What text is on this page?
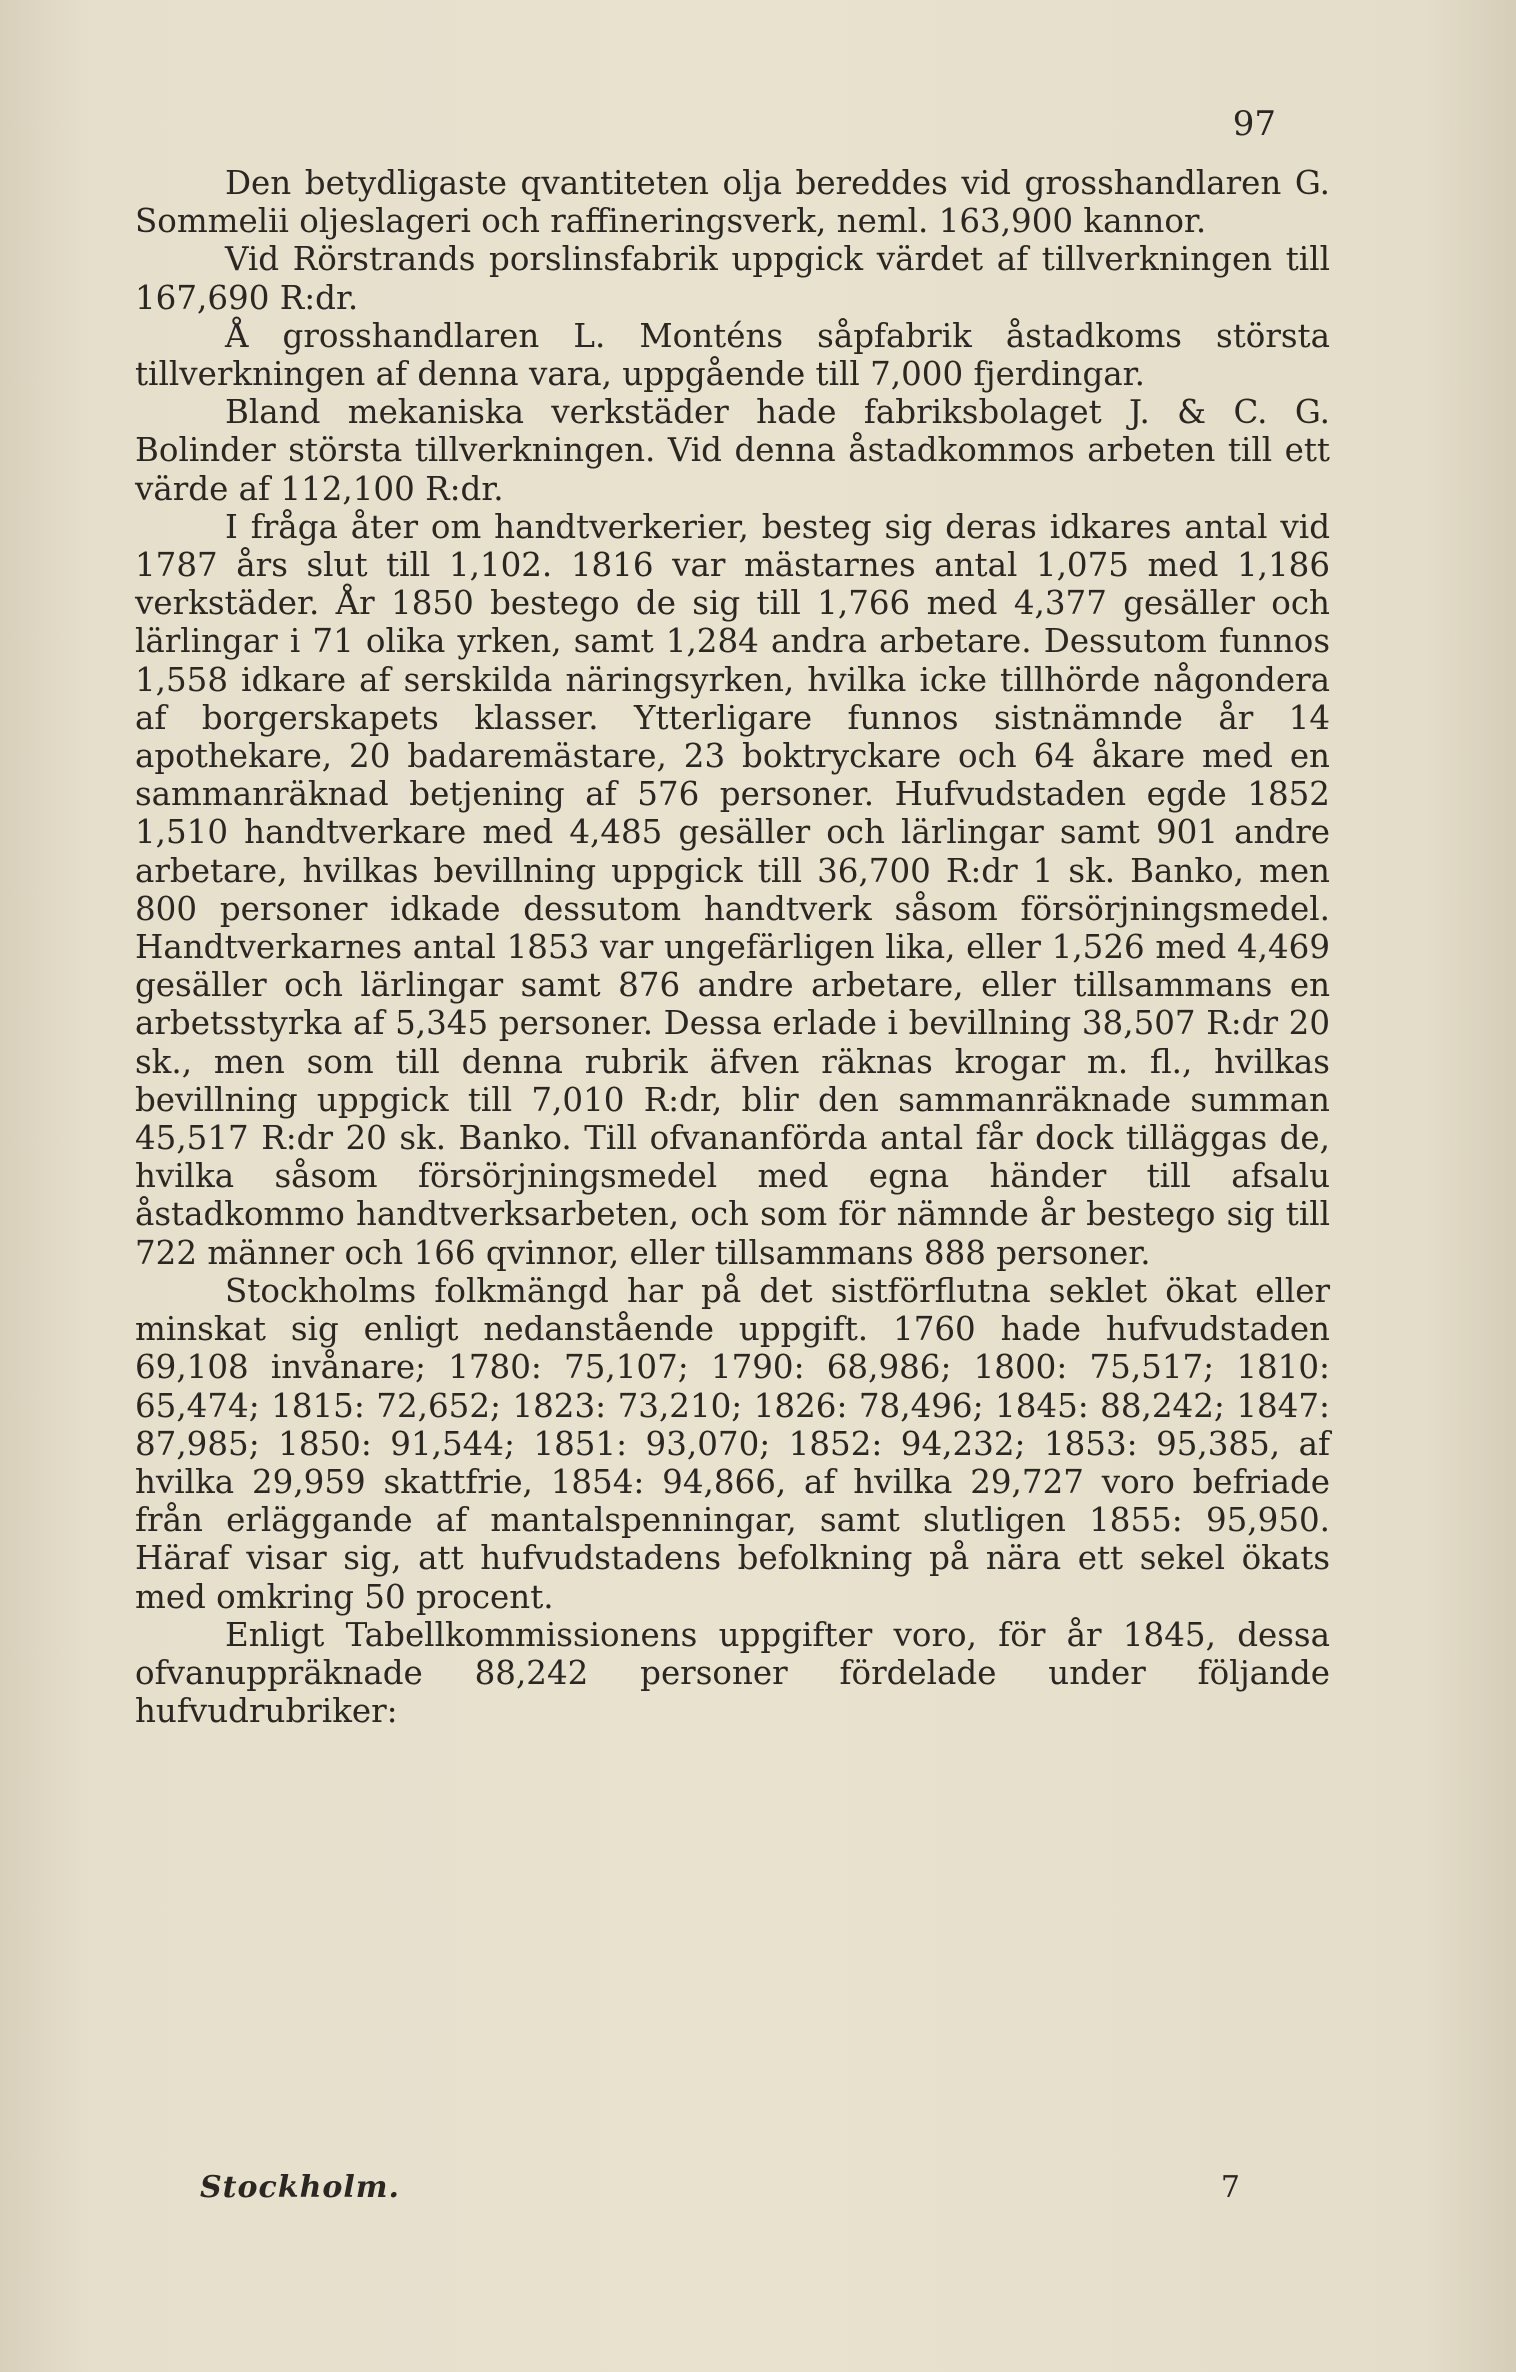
97

Den betydligaste qvantiteten olja bereddes vid grosshandlaren G. Sommelii oljeslageri och raffineringsverk, neml. 163,900 kannor.

Vid Rörstrands porslinsfabrik uppgick värdet af tillverkningen till 167,690 R:dr.

Å grosshandlaren L. Monténs såpfabrik åstadkoms största tillverkningen af denna vara, uppgående till 7,000 fjerdingar.

Bland mekaniska verkstäder hade fabriksbolaget J. & C. G. Bolinder största tillverkningen. Vid denna åstadkommos arbeten till ett värde af 112,100 R:dr.

I fråga åter om handtverkerier, besteg sig deras idkares antal vid 1787 års slut till 1,102. 1816 var mästarnes antal 1,075 med 1,186 verkstäder. År 1850 bestego de sig till 1,766 med 4,377 gesäller och lärlingar i 71 olika yrken, samt 1,284 andra arbetare. Dessutom funnos 1,558 idkare af serskilda näringsyrken, hvilka icke tillhörde någondera af borgerskapets klasser. Ytterligare funnos sistnämnde år 14 apothekare, 20 badaremästare, 23 boktryckare och 64 åkare med en sammanräknad betjening af 576 personer. Hufvudstaden egde 1852 1,510 handtverkare med 4,485 gesäller och lärlingar samt 901 andre arbetare, hvilkas bevillning uppgick till 36,700 R:dr 1 sk. Banko, men 800 personer idkade dessutom handtverk såsom försörjningsmedel. Handtverkarnes antal 1853 var ungefärligen lika, eller 1,526 med 4,469 gesäller och lärlingar samt 876 andre arbetare, eller tillsammans en arbetsstyrka af 5,345 personer. Dessa erlade i bevillning 38,507 R:dr 20 sk., men som till denna rubrik äfven räknas krogar m. fl., hvilkas bevillning uppgick till 7,010 R:dr, blir den sammanräknade summan 45,517 R:dr 20 sk. Banko. Till ofvananförda antal får dock tilläggas de, hvilka såsom försörjningsmedel med egna händer till afsalu åstadkommo handtverksarbeten, och som för nämnde år bestego sig till 722 männer och 166 qvinnor, eller tillsammans 888 personer.

Stockholms folkmängd har på det sistförflutna seklet ökat eller minskat sig enligt nedanstående uppgift. 1760 hade hufvudstaden 69,108 invånare; 1780: 75,107; 1790: 68,986; 1800: 75,517; 1810: 65,474; 1815: 72,652; 1823: 73,210; 1826: 78,496; 1845: 88,242; 1847: 87,985; 1850: 91,544; 1851: 93,070; 1852: 94,232; 1853: 95,385, af hvilka 29,959 skattfrie, 1854: 94,866, af hvilka 29,727 voro befriade från erläggande af mantalspenningar, samt slutligen 1855: 95,950. Häraf visar sig, att hufvudstadens befolkning på nära ett sekel ökats med omkring 50 procent.

Enligt Tabellkommissionens uppgifter voro, för år 1845, dessa ofvanuppräknade 88,242 personer fördelade under följande hufvudrubriker:

Stockholm.	7
